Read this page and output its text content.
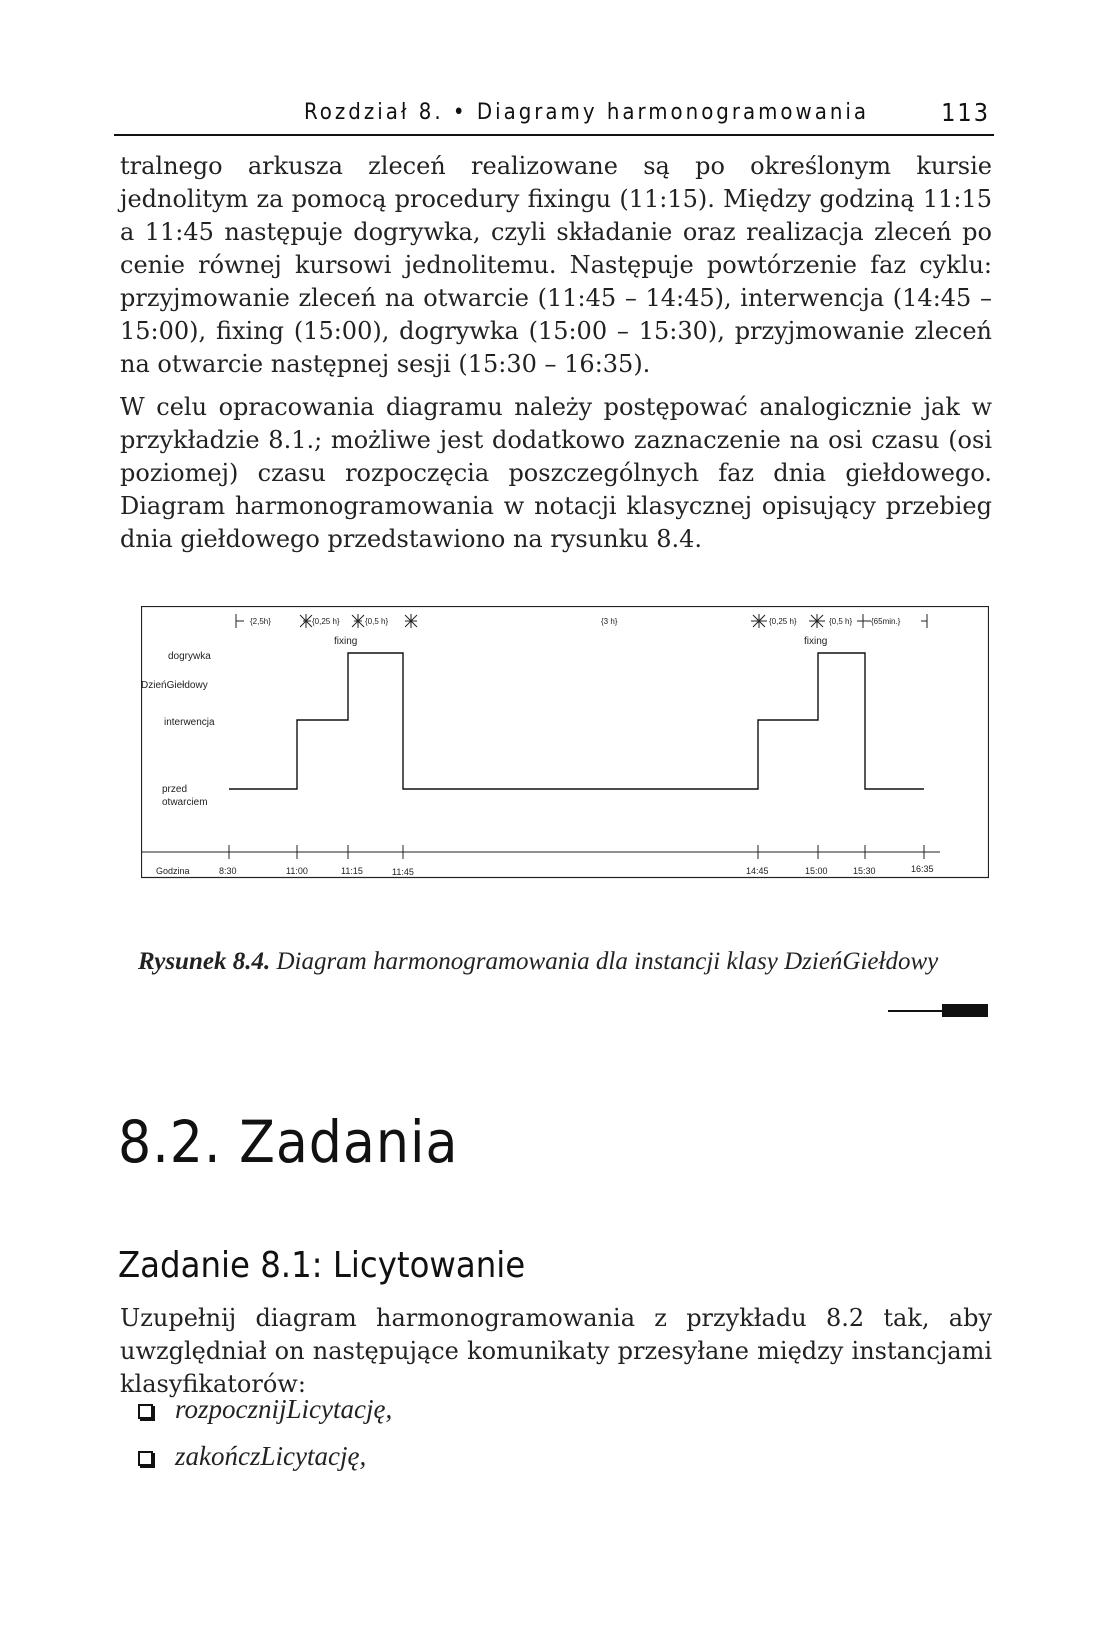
Rozdział 8. • Diagramy harmonogramowania	113

tralnego arkusza zleceń realizowane są po określonym kursie jednolitym za pomocą procedury fixingu (11:15). Między godziną 11:15 a 11:45 następuje dogrywka, czyli składanie oraz realizacja zleceń po cenie równej kursowi jednolitemu. Następuje powtórzenie faz cyklu: przyjmowanie zleceń na otwarcie (11:45 – 14:45), interwencja (14:45 – 15:00), fixing (15:00), dogrywka (15:00 – 15:30), przyjmowanie zleceń na otwarcie następnej sesji (15:30 – 16:35).

W celu opracowania diagramu należy postępować analogicznie jak w przykładzie 8.1.; możliwe jest dodatkowo zaznaczenie na osi czasu (osi poziomej) czasu rozpoczęcia poszczególnych faz dnia giełdowego. Diagram harmonogramowania w notacji klasycznej opisujący przebieg dnia giełdowego przedstawiono na rysunku 8.4.

{2,5h}	{0,25 h}	{0,5 h}	{3 h}	{0,25 h}	{0,5 h} {65min.}
dogrywka
DzieńGiełdowy
interwencja
przed
otwarciem
fixing	fixing
Godzina	8:30	11:00	11:15	11:45	14:45	15:00	15:30	16:35
Rysunek 8.4. Diagram harmonogramowania dla instancji klasy DzieńGiełdowy
8.2. Zadania
Zadanie 8.1: Licytowanie

Uzupełnij diagram harmonogramowania z przykładu 8.2 tak, aby uwzględniał on następujące komunikaty przesyłane między instancjami klasyfikatorów:

rozpocznijLicytację,
zakończLicytację,
